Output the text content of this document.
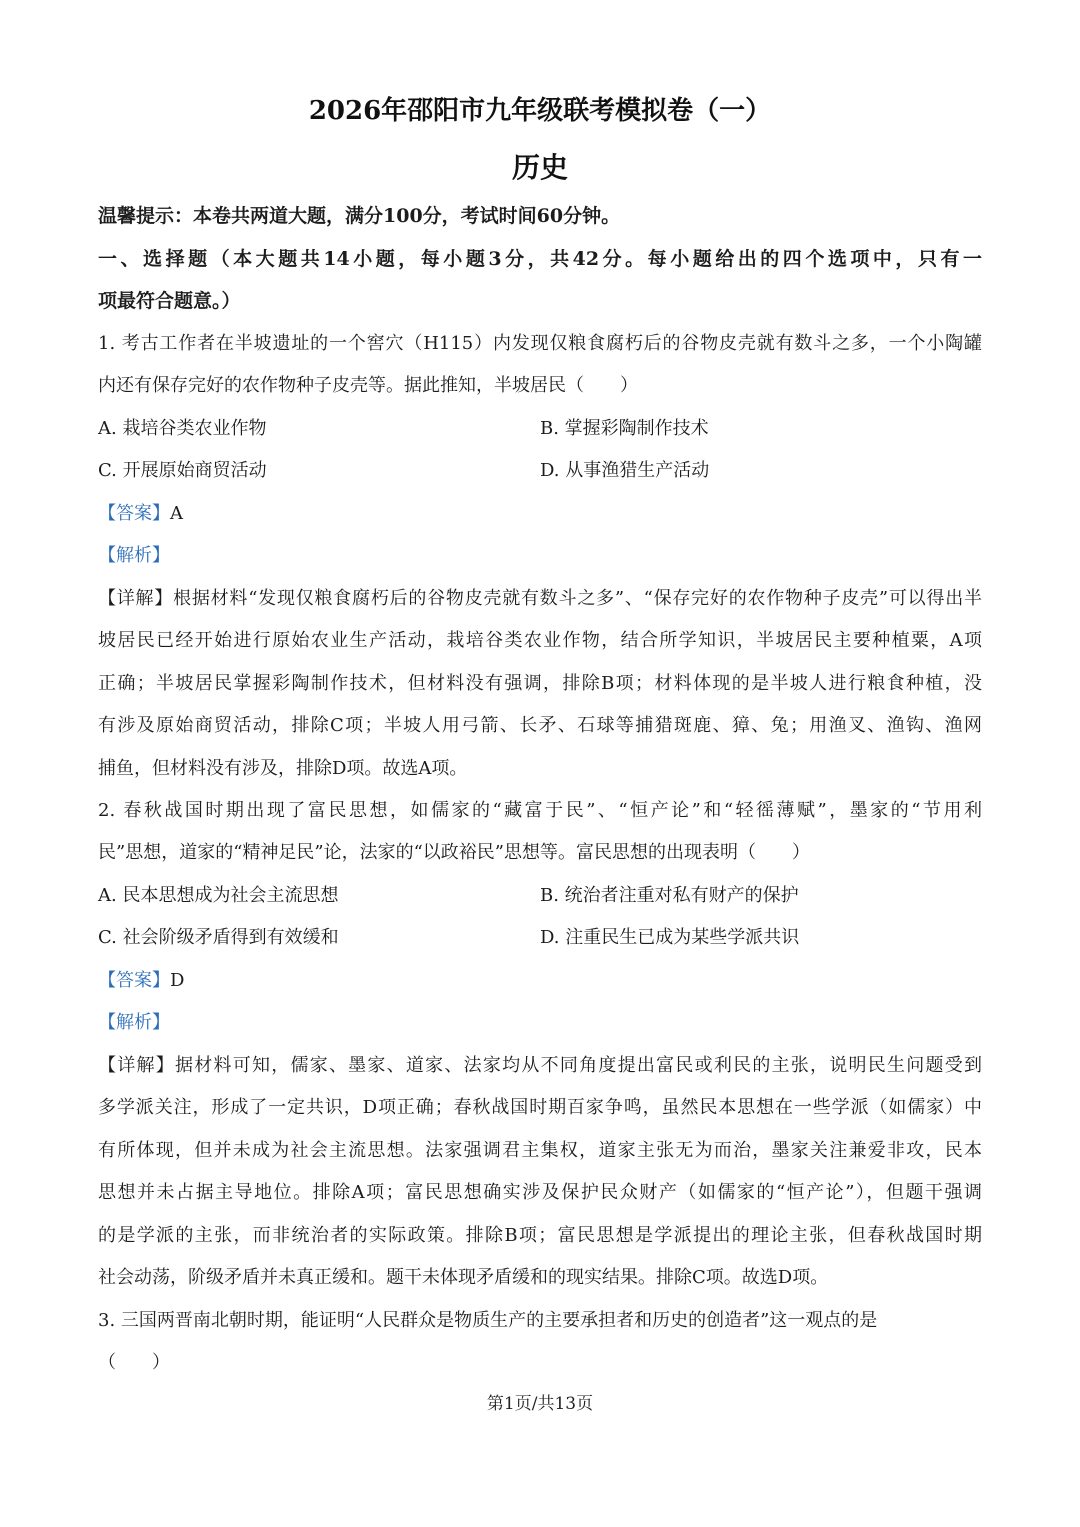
2026年邵阳市九年级联考模拟卷（一）
历史
温馨提示：本卷共两道大题，满分100分，考试时间60分钟。
一、选择题（本大题共14小题，每小题3分，共42分。每小题给出的四个选项中，只有一
项最符合题意。）
1. 考古工作者在半坡遗址的一个窖穴（H115）内发现仅粮食腐朽后的谷物皮壳就有数斗之多，一个小陶罐
内还有保存完好的农作物种子皮壳等。据此推知，半坡居民（　　）
A. 栽培谷类农业作物	B. 掌握彩陶制作技术
C. 开展原始商贸活动	D. 从事渔猎生产活动
【答案】A
【解析】
【详解】根据材料“发现仅粮食腐朽后的谷物皮壳就有数斗之多”、“保存完好的农作物种子皮壳”可以得出半
坡居民已经开始进行原始农业生产活动，栽培谷类农业作物，结合所学知识，半坡居民主要种植粟，A项
正确；半坡居民掌握彩陶制作技术，但材料没有强调，排除B项；材料体现的是半坡人进行粮食种植，没
有涉及原始商贸活动，排除C项；半坡人用弓箭、长矛、石球等捕猎斑鹿、獐、兔；用渔叉、渔钩、渔网
捕鱼，但材料没有涉及，排除D项。故选A项。
2. 春秋战国时期出现了富民思想，如儒家的“藏富于民”、“恒产论”和“轻徭薄赋”，墨家的“节用利
民”思想，道家的“精神足民”论，法家的“以政裕民”思想等。富民思想的出现表明（　　）
A. 民本思想成为社会主流思想	B. 统治者注重对私有财产的保护
C. 社会阶级矛盾得到有效缓和	D. 注重民生已成为某些学派共识
【答案】D
【解析】
【详解】据材料可知，儒家、墨家、道家、法家均从不同角度提出富民或利民的主张，说明民生问题受到
多学派关注，形成了一定共识，D项正确；春秋战国时期百家争鸣，虽然民本思想在一些学派（如儒家）中
有所体现，但并未成为社会主流思想。法家强调君主集权，道家主张无为而治，墨家关注兼爱非攻，民本
思想并未占据主导地位。排除A项；富民思想确实涉及保护民众财产（如儒家的“恒产论”），但题干强调
的是学派的主张，而非统治者的实际政策。排除B项；富民思想是学派提出的理论主张，但春秋战国时期
社会动荡，阶级矛盾并未真正缓和。题干未体现矛盾缓和的现实结果。排除C项。故选D项。
3. 三国两晋南北朝时期，能证明“人民群众是物质生产的主要承担者和历史的创造者”这一观点的是
（　　）
第1页/共13页
